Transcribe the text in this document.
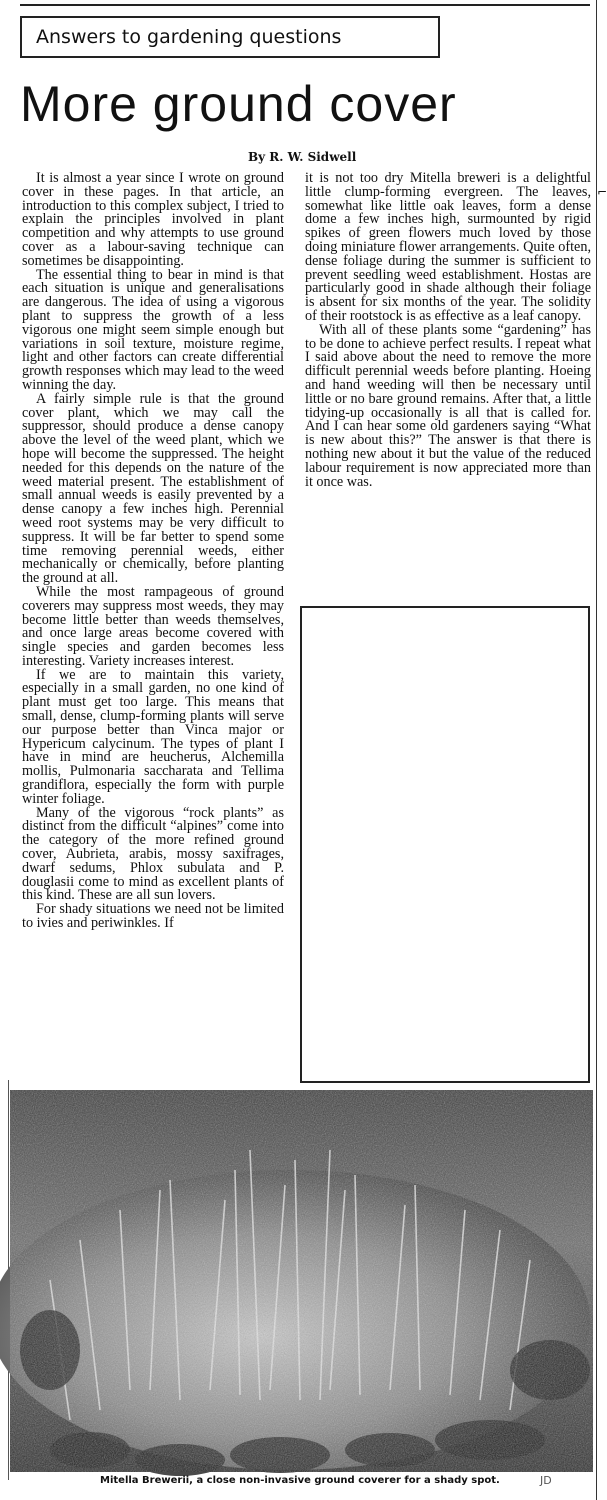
⌐
Answers to gardening questions
More ground cover
By R. W. Sidwell

It is almost a year since I wrote on ground cover in these pages. In that article, an introduction to this complex subject, I tried to explain the principles involved in plant competition and why attempts to use ground cover as a labour-saving technique can sometimes be disappointing.

The essential thing to bear in mind is that each situation is unique and generalisations are dangerous. The idea of using a vigorous plant to suppress the growth of a less vigorous one might seem simple enough but variations in soil texture, moisture regime, light and other factors can create differential growth responses which may lead to the weed winning the day.

A fairly simple rule is that the ground cover plant, which we may call the suppressor, should produce a dense canopy above the level of the weed plant, which we hope will become the suppressed. The height needed for this depends on the nature of the weed material present. The establishment of small annual weeds is easily prevented by a dense canopy a few inches high. Perennial weed root systems may be very difficult to suppress. It will be far better to spend some time removing perennial weeds, either mechanically or chemically, before planting the ground at all.

While the most rampageous of ground coverers may suppress most weeds, they may become little better than weeds themselves, and once large areas become covered with single species and garden becomes less interesting. Variety increases interest.

If we are to maintain this variety, especially in a small garden, no one kind of plant must get too large. This means that small, dense, clump-forming plants will serve our purpose better than Vinca major or Hypericum calycinum. The types of plant I have in mind are heucherus, Alchemilla mollis, Pulmonaria saccharata and Tellima grandiflora, especially the form with purple winter foliage.

Many of the vigorous “rock plants” as distinct from the difficult “alpines” come into the category of the more refined ground cover, Aubrieta, arabis, mossy saxifrages, dwarf sedums, Phlox subulata and P. douglasii come to mind as excellent plants of this kind. These are all sun lovers.

For shady situations we need not be limited to ivies and periwinkles. If

it is not too dry Mitella breweri is a delightful little clump-forming evergreen. The leaves, somewhat like little oak leaves, form a dense dome a few inches high, surmounted by rigid spikes of green flowers much loved by those doing miniature flower arrangements. Quite often, dense foliage during the summer is sufficient to prevent seedling weed establishment. Hostas are particularly good in shade although their foliage is absent for six months of the year. The solidity of their rootstock is as effective as a leaf canopy.

With all of these plants some “gardening” has to be done to achieve perfect results. I repeat what I said above about the need to remove the more difficult perennial weeds before planting. Hoeing and hand weeding will then be necessary until little or no bare ground remains. After that, a little tidying-up occasionally is all that is called for. And I can hear some old gardeners saying “What is new about this?” The answer is that there is nothing new about it but the value of the reduced labour requirement is now appreciated more than it once was.

Mitella Brewerii, a close non-invasive ground coverer for a shady spot.	JD
